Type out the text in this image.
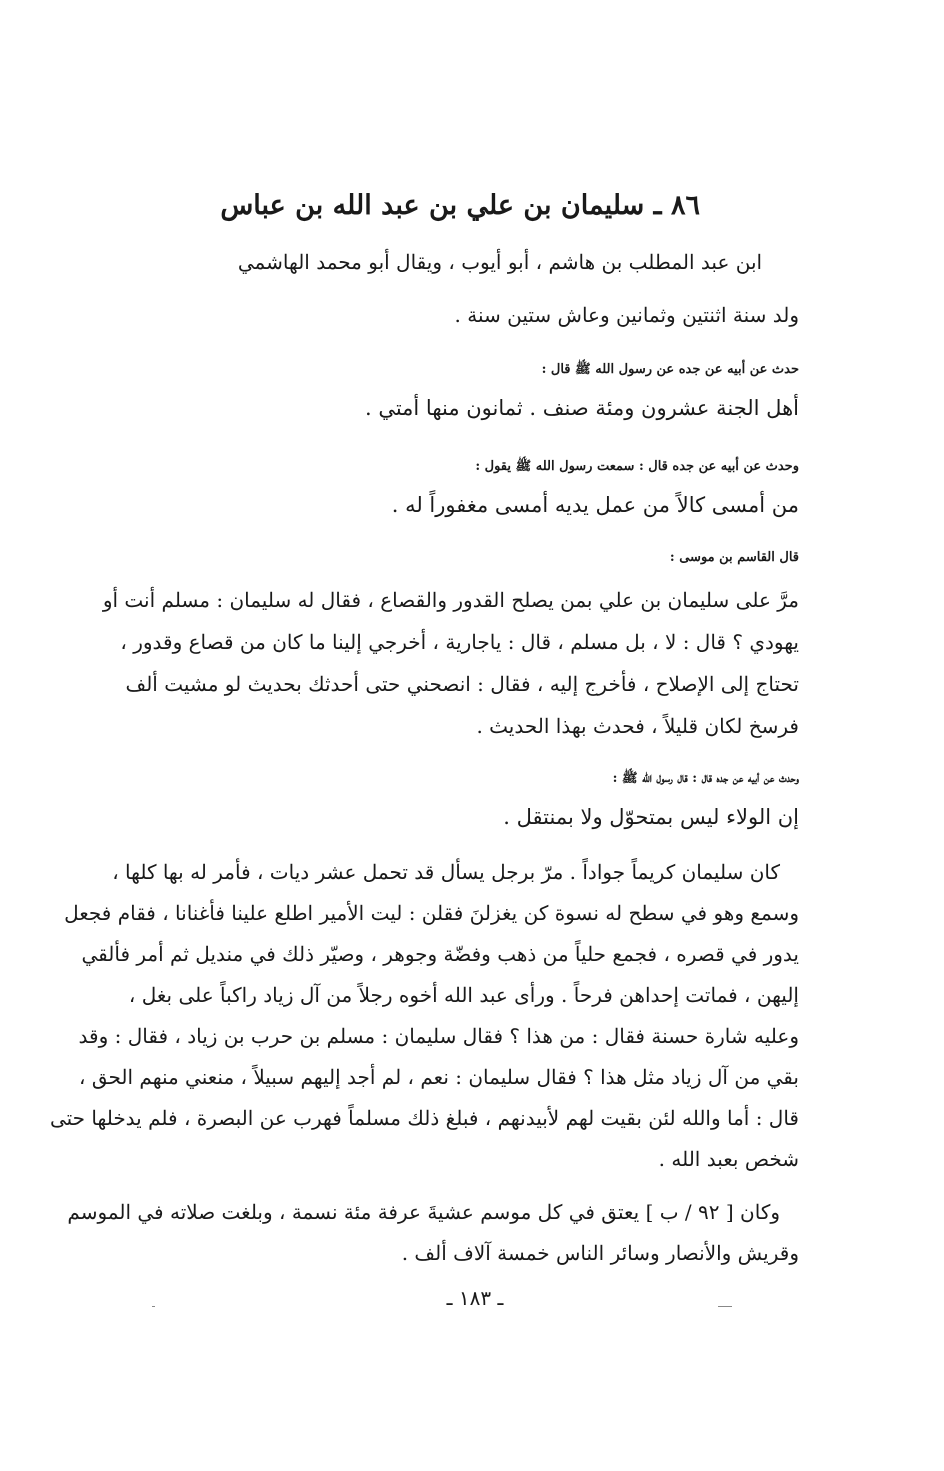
٨٦ ـ سليمان بن علي بن عبد الله بن عباس
ابن عبد المطلب بن هاشم ، أبو أيوب ، ويقال أبو محمد الهاشمي
ولد سنة اثنتين وثمانين وعاش ستين سنة .
حدث عن أبيه عن جده عن رسول الله ﷺ قال :
أهل الجنة عشرون ومئة صنف . ثمانون منها أمتي .
وحدث عن أبيه عن جده قال : سمعت رسول الله ﷺ يقول :
من أمسى كالاً من عمل يديه أمسى مغفوراً له .
قال القاسم بن موسى :
مرَّ على سليمان بن علي بمن يصلح القدور والقصاع ، فقال له سليمان : مسلم أنت أو
يهودي ؟ قال : لا ، بل مسلم ، قال : ياجارية ، أخرجي إلينا ما كان من قصاع وقدور ،
تحتاج إلى الإصلاح ، فأخرج إليه ، فقال : انصحني حتى أحدثك بحديث لو مشيت ألف
فرسخ لكان قليلاً ، فحدث بهذا الحديث .
وحدث عن أبيه عن جده قال : قال رسول الله ﷺ :
إن الولاء ليس بمتحوّل ولا بمنتقل .
كان سليمان كريماً جواداً . مرّ برجل يسأل قد تحمل عشر ديات ، فأمر له بها كلها ،
وسمع وهو في سطح له نسوة كن يغزلنَ فقلن : ليت الأمير اطلع علينا فأغنانا ، فقام فجعل
يدور في قصره ، فجمع حلياً من ذهب وفضّة وجوهر ، وصيّر ذلك في منديل ثم أمر فألقي
إليهن ، فماتت إحداهن فرحاً . ورأى عبد الله أخوه رجلاً من آل زياد راكباً على بغل ،
وعليه شارة حسنة فقال : من هذا ؟ فقال سليمان : مسلم بن حرب بن زياد ، فقال : وقد
بقي من آل زياد مثل هذا ؟ فقال سليمان : نعم ، لم أجد إليهم سبيلاً ، منعني منهم الحق ،
قال : أما والله لئن بقيت لهم لأبيدنهم ، فبلغ ذلك مسلماً فهرب عن البصرة ، فلم يدخلها حتى
شخص بعبد الله .
وكان [ ٩٢ / ب ] يعتق في كل موسم عشيةَ عرفة مئة نسمة ، وبلغت صلاته في الموسم
وقريش والأنصار وسائر الناس خمسة آلاف ألف .
ـ ١٨٣ ـ
